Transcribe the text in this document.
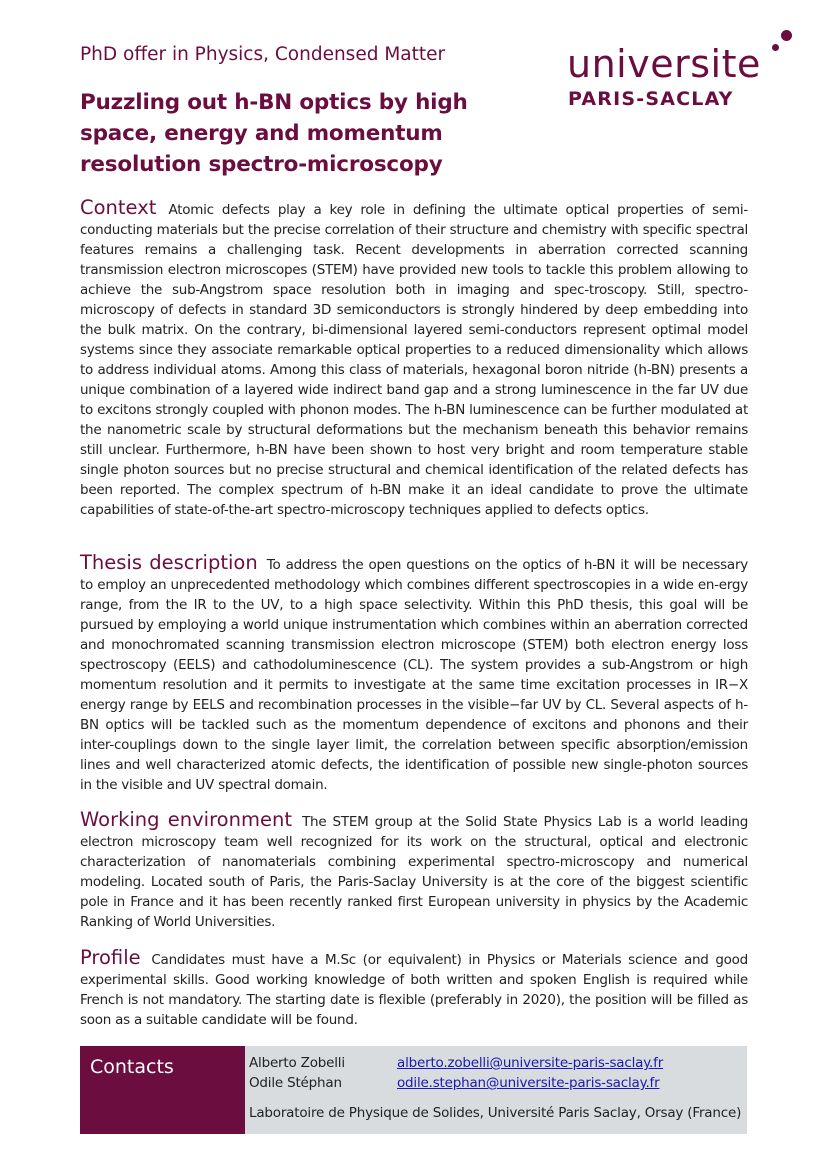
PhD offer in Physics, Condensed Matter
Puzzling out h-BN optics by high space, energy and momentum resolution spectro-microscopy
universite
PARIS-SACLAY
Context Atomic defects play a key role in defining the ultimate optical properties of semi-conducting materials but the precise correlation of their structure and chemistry with specific spectral features remains a challenging task. Recent developments in aberration corrected scanning transmission electron microscopes (STEM) have provided new tools to tackle this problem allowing to achieve the sub-Angstrom space resolution both in imaging and spec-troscopy. Still, spectro-microscopy of defects in standard 3D semiconductors is strongly hindered by deep embedding into the bulk matrix. On the contrary, bi-dimensional layered semi-conductors represent optimal model systems since they associate remarkable optical properties to a reduced dimensionality which allows to address individual atoms. Among this class of materials, hexagonal boron nitride (h-BN) presents a unique combination of a layered wide indirect band gap and a strong luminescence in the far UV due to excitons strongly coupled with phonon modes. The h-BN luminescence can be further modulated at the nanometric scale by structural deformations but the mechanism beneath this behavior remains still unclear. Furthermore, h-BN have been shown to host very bright and room temperature stable single photon sources but no precise structural and chemical identification of the related defects has been reported. The complex spectrum of h-BN make it an ideal candidate to prove the ultimate capabilities of state-of-the-art spectro-microscopy techniques applied to defects optics.
Thesis description To address the open questions on the optics of h-BN it will be necessary to employ an unprecedented methodology which combines different spectroscopies in a wide en-ergy range, from the IR to the UV, to a high space selectivity. Within this PhD thesis, this goal will be pursued by employing a world unique instrumentation which combines within an aberration corrected and monochromated scanning transmission electron microscope (STEM) both electron energy loss spectroscopy (EELS) and cathodoluminescence (CL). The system provides a sub-Angstrom or high momentum resolution and it permits to investigate at the same time excitation processes in IR−X energy range by EELS and recombination processes in the visible−far UV by CL. Several aspects of h-BN optics will be tackled such as the momentum dependence of excitons and phonons and their inter-couplings down to the single layer limit, the correlation between specific absorption/emission lines and well characterized atomic defects, the identification of possible new single-photon sources in the visible and UV spectral domain.
Working environment The STEM group at the Solid State Physics Lab is a world leading electron microscopy team well recognized for its work on the structural, optical and electronic characterization of nanomaterials combining experimental spectro-microscopy and numerical modeling. Located south of Paris, the Paris-Saclay University is at the core of the biggest scientific pole in France and it has been recently ranked first European university in physics by the Academic Ranking of World Universities.
Profile Candidates must have a M.Sc (or equivalent) in Physics or Materials science and good experimental skills. Good working knowledge of both written and spoken English is required while French is not mandatory. The starting date is flexible (preferably in 2020), the position will be filled as soon as a suitable candidate will be found.
Contacts	Alberto Zobelli	alberto.zobelli@universite-paris-saclay.fr
Odile Stéphan	odile.stephan@universite-paris-saclay.fr
Laboratoire de Physique de Solides, Université Paris Saclay, Orsay (France)
